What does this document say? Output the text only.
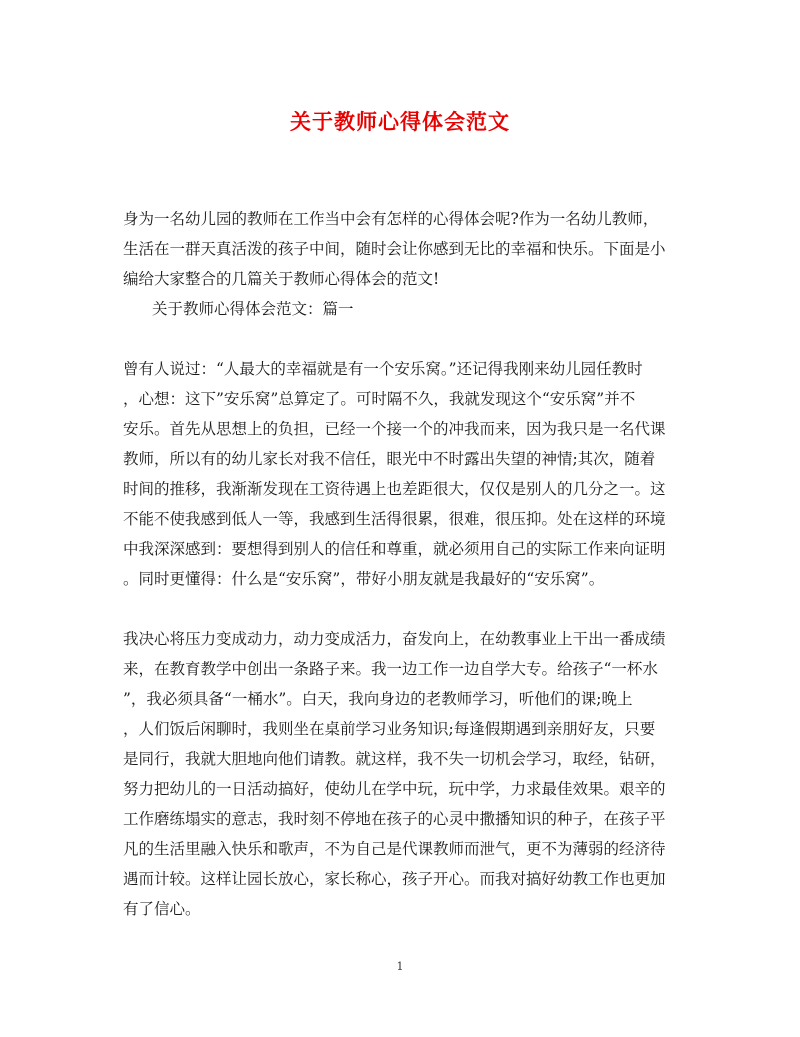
关于教师心得体会范文
身为一名幼儿园的教师在工作当中会有怎样的心得体会呢?作为一名幼儿教师，
生活在一群天真活泼的孩子中间，随时会让你感到无比的幸福和快乐。下面是小
编给大家整合的几篇关于教师心得体会的范文!
关于教师心得体会范文：篇一
曾有人说过：“人最大的幸福就是有一个安乐窝。”还记得我刚来幼儿园任教时
，心想：这下”安乐窝”总算定了。可时隔不久，我就发现这个“安乐窝”并不
安乐。首先从思想上的负担，已经一个接一个的冲我而来，因为我只是一名代课
教师，所以有的幼儿家长对我不信任，眼光中不时露出失望的神情;其次，随着
时间的推移，我渐渐发现在工资待遇上也差距很大，仅仅是别人的几分之一。这
不能不使我感到低人一等，我感到生活得很累，很难，很压抑。处在这样的环境
中我深深感到：要想得到别人的信任和尊重，就必须用自己的实际工作来向证明
。同时更懂得：什么是“安乐窝”，带好小朋友就是我最好的“安乐窝”。
我决心将压力变成动力，动力变成活力，奋发向上，在幼教事业上干出一番成绩
来，在教育教学中创出一条路子来。我一边工作一边自学大专。给孩子“一杯水
”，我必须具备“一桶水”。白天，我向身边的老教师学习，听他们的课;晚上
，人们饭后闲聊时，我则坐在桌前学习业务知识;每逢假期遇到亲朋好友，只要
是同行，我就大胆地向他们请教。就这样，我不失一切机会学习，取经，钻研，
努力把幼儿的一日活动搞好，使幼儿在学中玩，玩中学，力求最佳效果。艰辛的
工作磨练塌实的意志，我时刻不停地在孩子的心灵中撒播知识的种子，在孩子平
凡的生活里融入快乐和歌声，不为自己是代课教师而泄气，更不为薄弱的经济待
遇而计较。这样让园长放心，家长称心，孩子开心。而我对搞好幼教工作也更加
有了信心。
1
